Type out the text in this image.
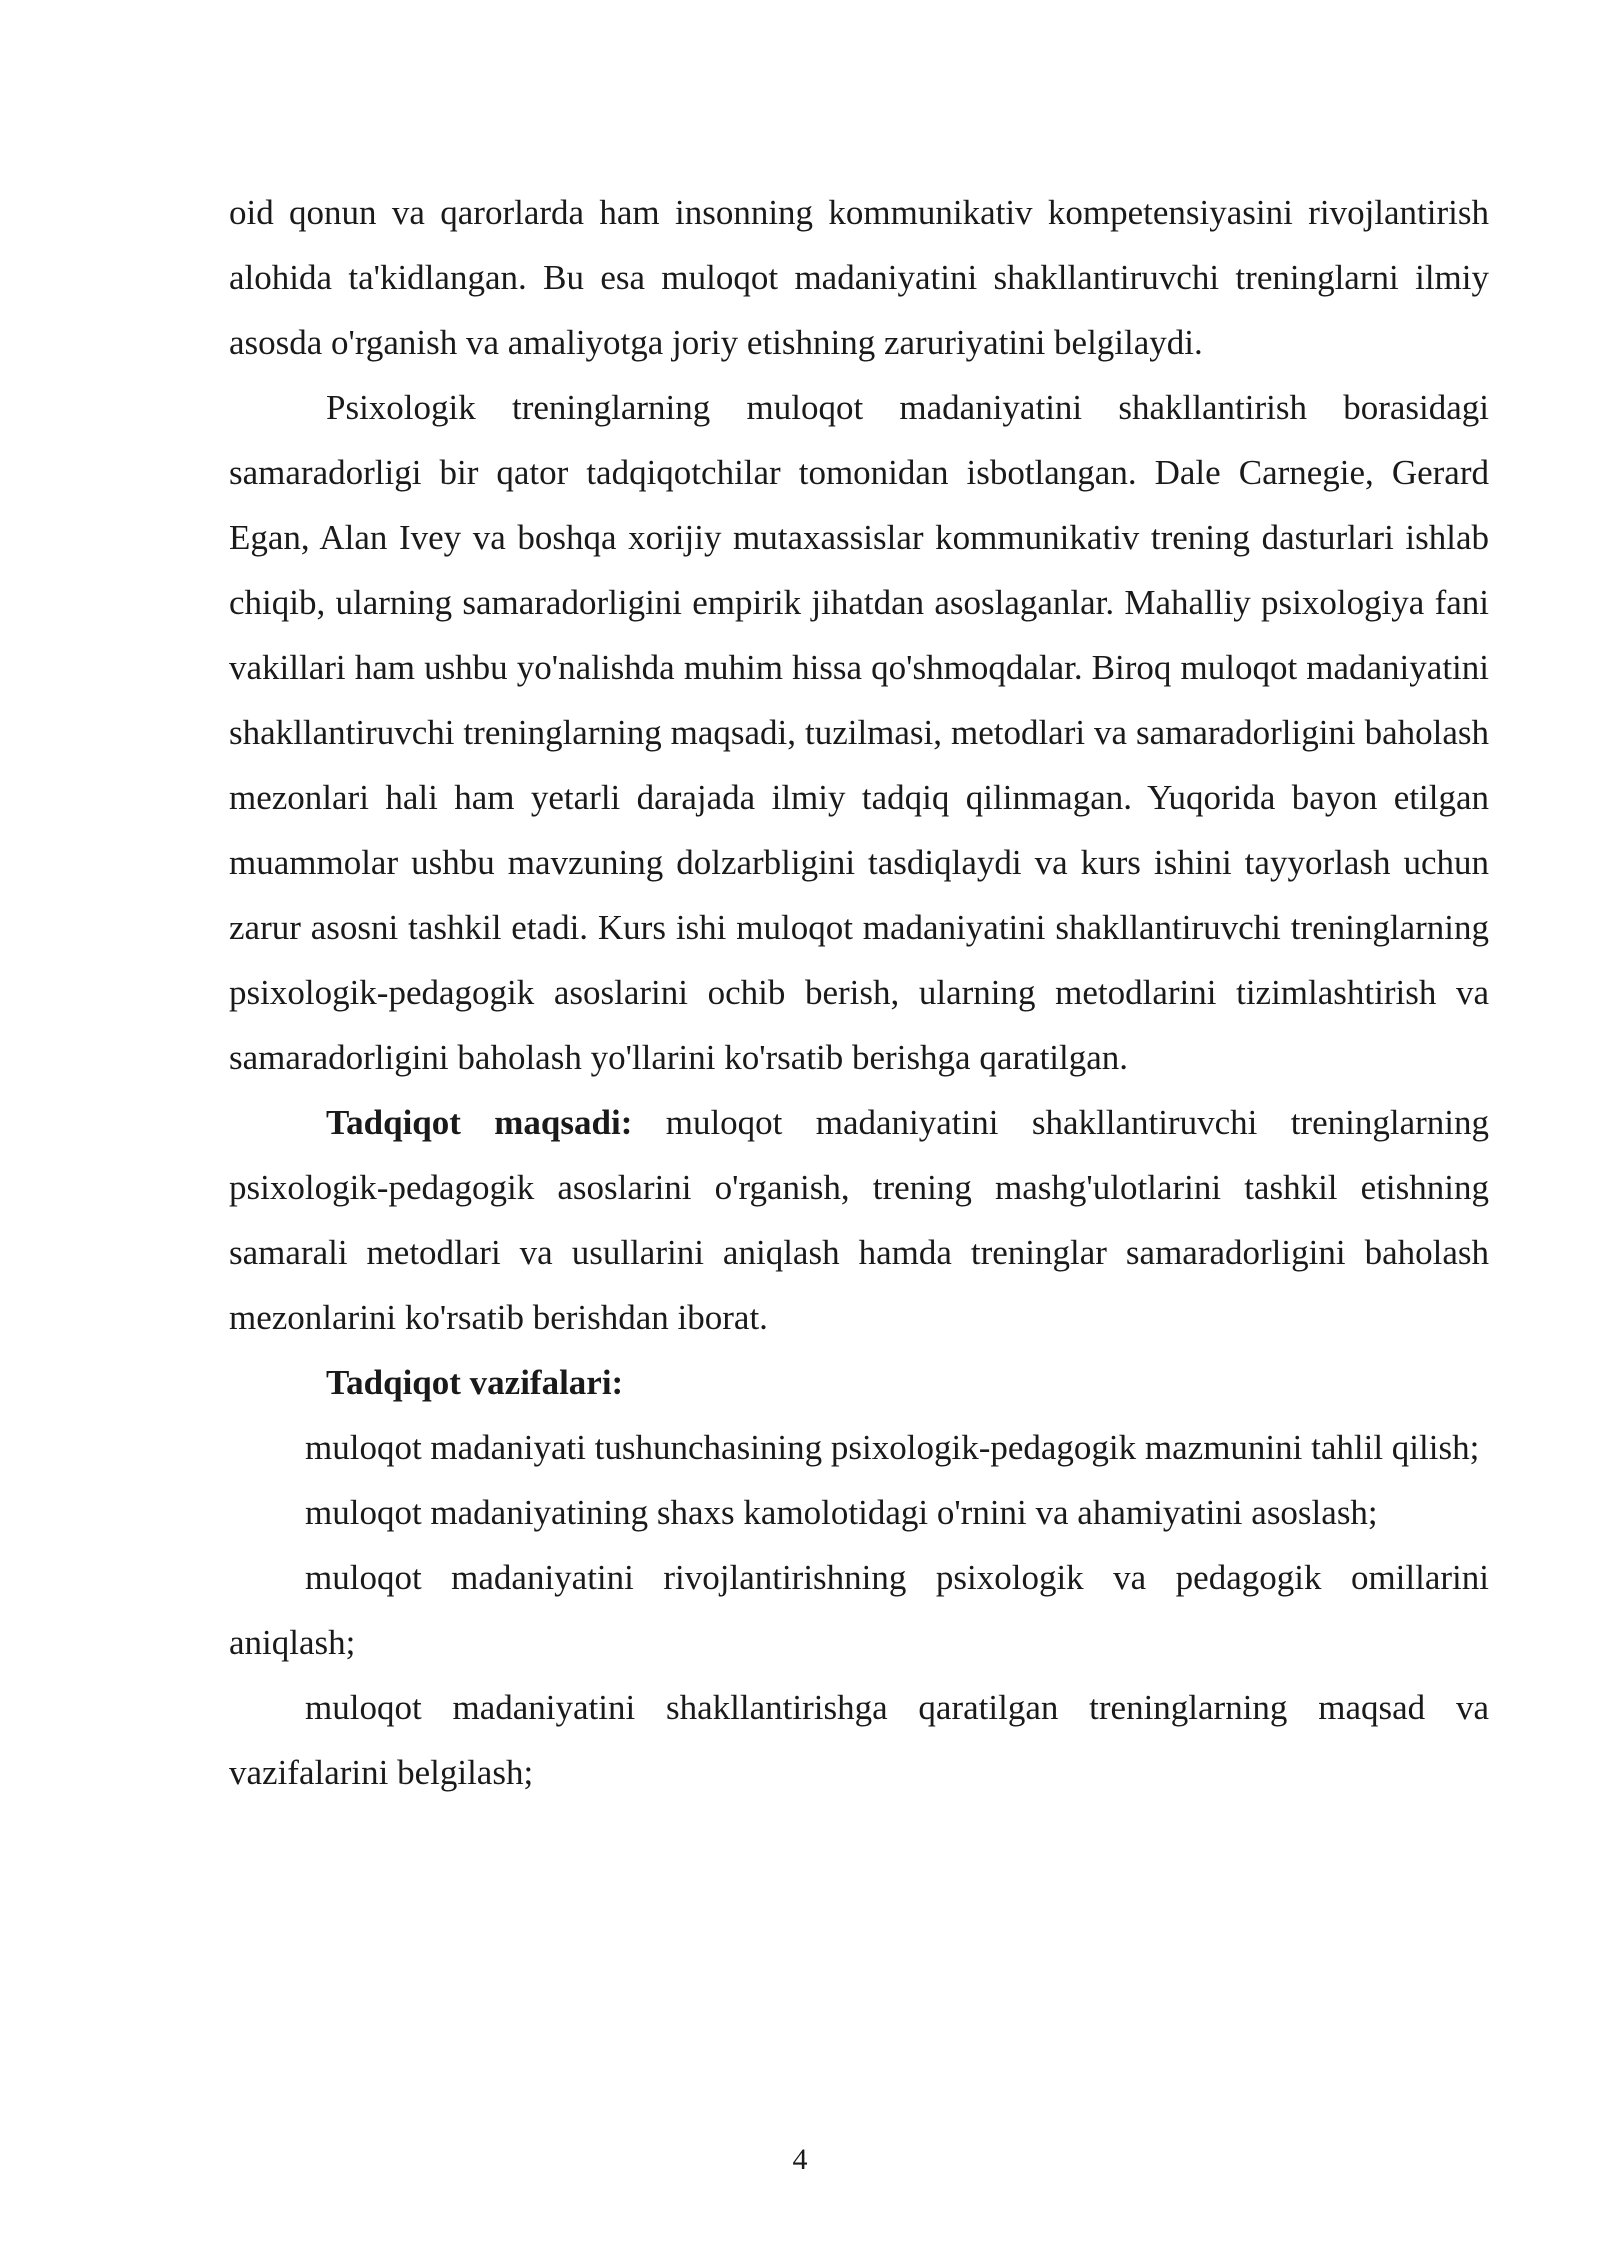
oid qonun va qarorlarda ham insonning kommunikativ kompetensiyasini rivojlantirish alohida ta'kidlangan. Bu esa muloqot madaniyatini shakllantiruvchi treninglarni ilmiy asosda o'rganish va amaliyotga joriy etishning zaruriyatini belgilaydi.

Psixologik treninglarning muloqot madaniyatini shakllantirish borasidagi samaradorligi bir qator tadqiqotchilar tomonidan isbotlangan. Dale Carnegie, Gerard Egan, Alan Ivey va boshqa xorijiy mutaxassislar kommunikativ trening dasturlari ishlab chiqib, ularning samaradorligini empirik jihatdan asoslaganlar. Mahalliy psixologiya fani vakillari ham ushbu yo'nalishda muhim hissa qo'shmoqdalar. Biroq muloqot madaniyatini shakllantiruvchi treninglarning maqsadi, tuzilmasi, metodlari va samaradorligini baholash mezonlari hali ham yetarli darajada ilmiy tadqiq qilinmagan. Yuqorida bayon etilgan muammolar ushbu mavzuning dolzarbligini tasdiqlaydi va kurs ishini tayyorlash uchun zarur asosni tashkil etadi. Kurs ishi muloqot madaniyatini shakllantiruvchi treninglarning psixologik-pedagogik asoslarini ochib berish, ularning metodlarini tizimlashtirish va samaradorligini baholash yo'llarini ko'rsatib berishga qaratilgan.

Tadqiqot maqsadi: muloqot madaniyatini shakllantiruvchi treninglarning psixologik-pedagogik asoslarini o'rganish, trening mashg'ulotlarini tashkil etishning samarali metodlari va usullarini aniqlash hamda treninglar samaradorligini baholash mezonlarini ko'rsatib berishdan iborat.

Tadqiqot vazifalari:

muloqot madaniyati tushunchasining psixologik-pedagogik mazmunini tahlil qilish;

muloqot madaniyatining shaxs kamolotidagi o'rnini va ahamiyatini asoslash;

muloqot madaniyatini rivojlantirishning psixologik va pedagogik omillarini aniqlash;

muloqot madaniyatini shakllantirishga qaratilgan treninglarning maqsad va vazifalarini belgilash;

4
